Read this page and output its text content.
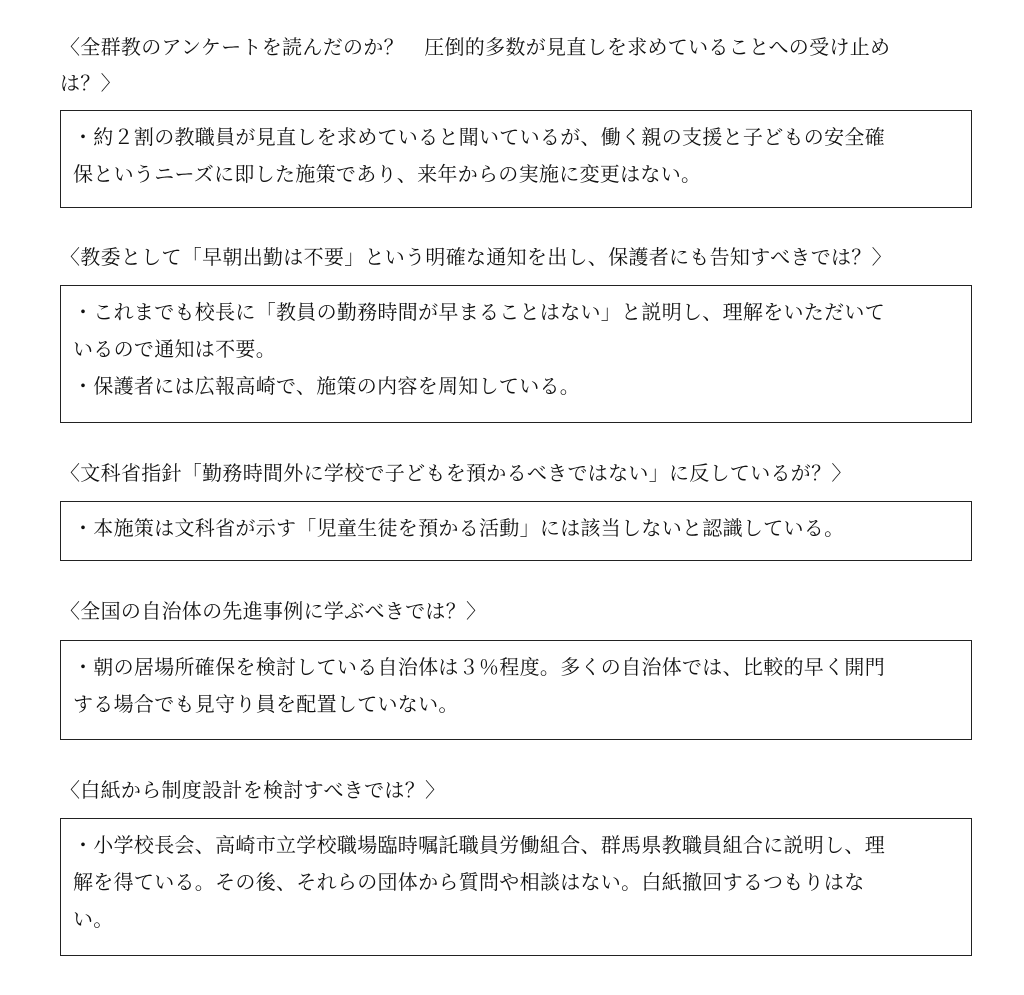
〈全群教のアンケートを読んだのか？　圧倒的多数が見直しを求めていることへの受け止め
は？〉
・約２割の教職員が見直しを求めていると聞いているが、働く親の支援と子どもの安全確
保というニーズに即した施策であり、来年からの実施に変更はない。
〈教委として「早朝出勤は不要」という明確な通知を出し、保護者にも告知すべきでは？〉
・これまでも校長に「教員の勤務時間が早まることはない」と説明し、理解をいただいて
いるので通知は不要。
・保護者には広報高崎で、施策の内容を周知している。
〈文科省指針「勤務時間外に学校で子どもを預かるべきではない」に反しているが？〉
・本施策は文科省が示す「児童生徒を預かる活動」には該当しないと認識している。
〈全国の自治体の先進事例に学ぶべきでは？〉
・朝の居場所確保を検討している自治体は３％程度。多くの自治体では、比較的早く開門
する場合でも見守り員を配置していない。
〈白紙から制度設計を検討すべきでは？〉
・小学校長会、高崎市立学校職場臨時嘱託職員労働組合、群馬県教職員組合に説明し、理
解を得ている。その後、それらの団体から質問や相談はない。白紙撤回するつもりはな
い。
